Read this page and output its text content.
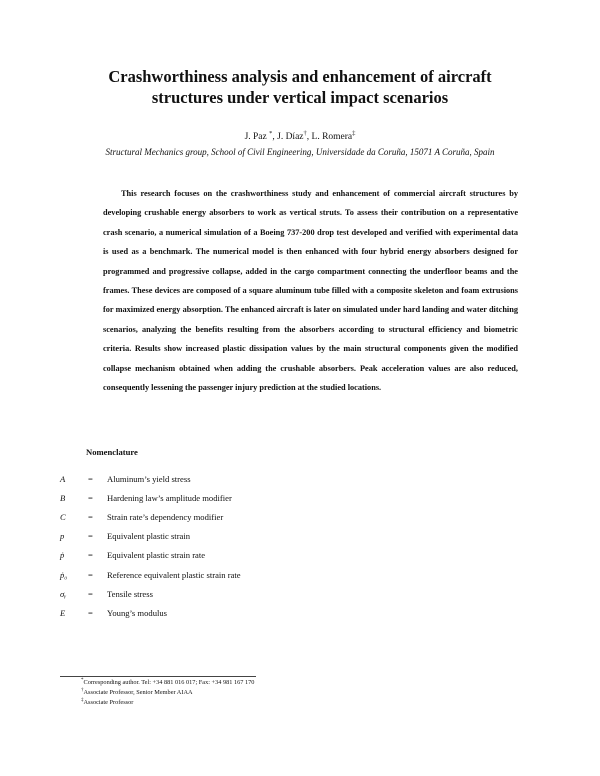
Crashworthiness analysis and enhancement of aircraft
structures under vertical impact scenarios
J. Paz *, J. Díaz†, L. Romera‡
Structural Mechanics group, School of Civil Engineering, Universidade da Coruña, 15071 A Coruña, Spain

This research focuses on the crashworthiness study and enhancement of commercial aircraft structures by developing crushable energy absorbers to work as vertical struts. To assess their contribution on a representative crash scenario, a numerical simulation of a Boeing 737-200 drop test developed and verified with experimental data is used as a benchmark. The numerical model is then enhanced with four hybrid energy absorbers designed for programmed and progressive collapse, added in the cargo compartment connecting the underfloor beams and the frames. These devices are composed of a square aluminum tube filled with a composite skeleton and foam extrusions for maximized energy absorption. The enhanced aircraft is later on simulated under hard landing and water ditching scenarios, analyzing the benefits resulting from the absorbers according to structural efficiency and biometric criteria. Results show increased plastic dissipation values by the main structural components given the modified collapse mechanism obtained when adding the crushable absorbers. Peak acceleration values are also reduced, consequently lessening the passenger injury prediction at the studied locations.

Nomenclature
A	=	Aluminum’s yield stress
B	=	Hardening law’s amplitude modifier
C	=	Strain rate’s dependency modifier
p	=	Equivalent plastic strain
ṗ	=	Equivalent plastic strain rate
ṗ₀	=	Reference equivalent plastic strain rate
σᵧ	=	Tensile stress
E	=	Young’s modulus
*Corresponding author. Tel: +34 881 016 017; Fax: +34 981 167 170
†Associate Professor, Senior Member AIAA
‡Associate Professor
